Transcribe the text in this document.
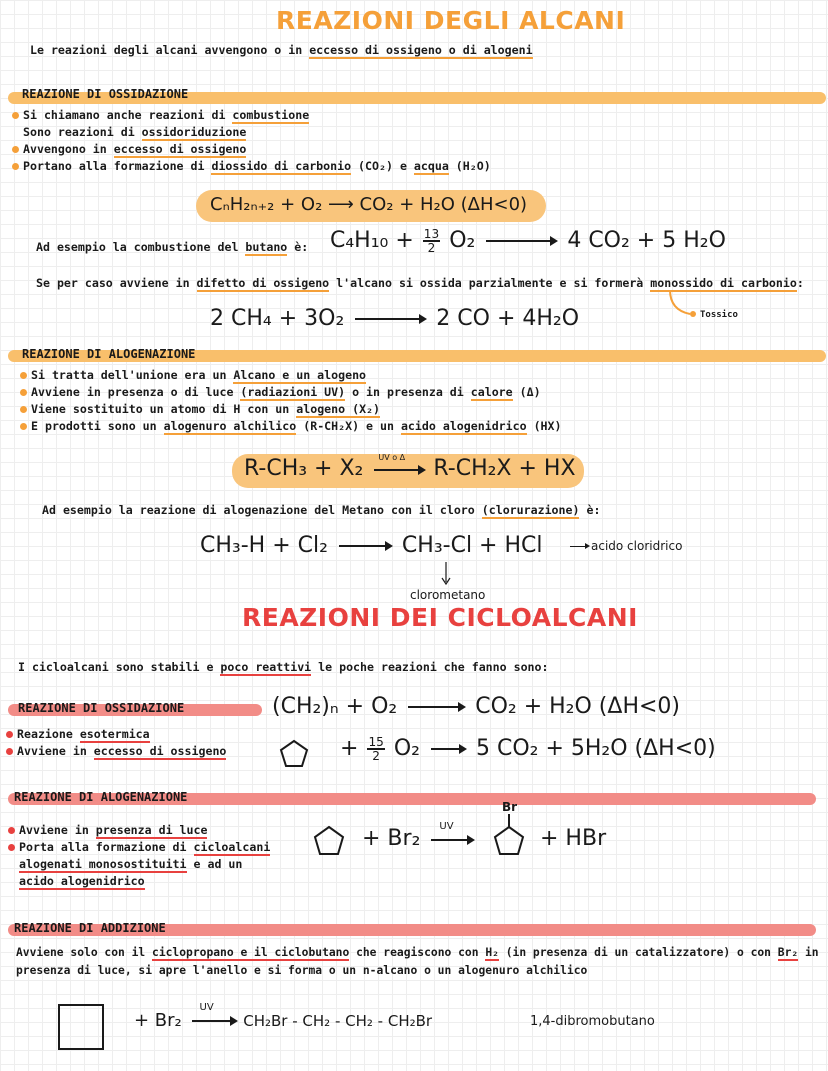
REAZIONI DEGLI ALCANI
Le reazioni degli alcani avvengono o in eccesso di ossigeno o di alogeni
REAZIONE DI OSSIDAZIONE
Si chiamano anche reazioni di combustione
Sono reazioni di ossidoriduzione
Avvengono in eccesso di ossigeno
Portano alla formazione di diossido di carbonio (CO₂) e acqua (H₂O)
CₙH₂ₙ₊₂ + O₂ ⟶ CO₂ + H₂O (ΔH<0)
Ad esempio la combustione del butano è: $C_4H_{10} + \frac{13}{2} O_2 \to 4$ CO₂ + 5 H₂O
Se per caso avviene in difetto di ossigeno l'alcano si ossida parzialmente e si formerà monossido di carbonio:
Tossico
2 CH₄ + 3O₂ → 2 CO + 4H₂O
REAZIONE DI ALOGENAZIONE
Si tratta dell'unione era un Alcano e un alogeno
Avviene in presenza o di luce (radiazioni UV) o in presenza di calore (Δ)
Viene sostituito un atomo di H con un alogeno (X₂)
E prodotti sono un alogenuro alchilico (R-CH₂X) e un acido alogenidrico (HX)
R-CH₃ + X₂ UV o Δ R-CH₂X + HX
Ad esempio la reazione di alogenazione del Metano con il cloro (clorurazione) è:
CH₃-H + Cl₂ → CH₃-Cl + HCl	acido cloridrico
clorometano
REAZIONI DEI CICLOALCANI
I cicloalcani sono stabili e poco reattivi le poche reazioni che fanno sono:
REAZIONE DI OSSIDAZIONE
Reazione esotermica
Avviene in eccesso di ossigeno
(CH₂)ₙ + O₂ → CO₂ + H₂O (ΔH<0)
+ $\frac{15}{2} O_2 \to 5$ CO₂ + 5H₂O (ΔH<0)
REAZIONE DI ALOGENAZIONE
Avviene in presenza di luce
Porta alla formazione di cicloalcani
alogenati monosostituiti e ad un
acido alogenidrico
+ Br₂ UV
Br
+ HBr
REAZIONE DI ADDIZIONE
Avviene solo con il ciclopropano e il ciclobutano che reagiscono con H₂ (in presenza di un catalizzatore) o con Br₂ in
presenza di luce, si apre l'anello e si forma o un n-alcano o un alogenuro alchilico
+ Br₂
UV
CH₂Br - CH₂ - CH₂ - CH₂Br	1,4-dibromobutano
